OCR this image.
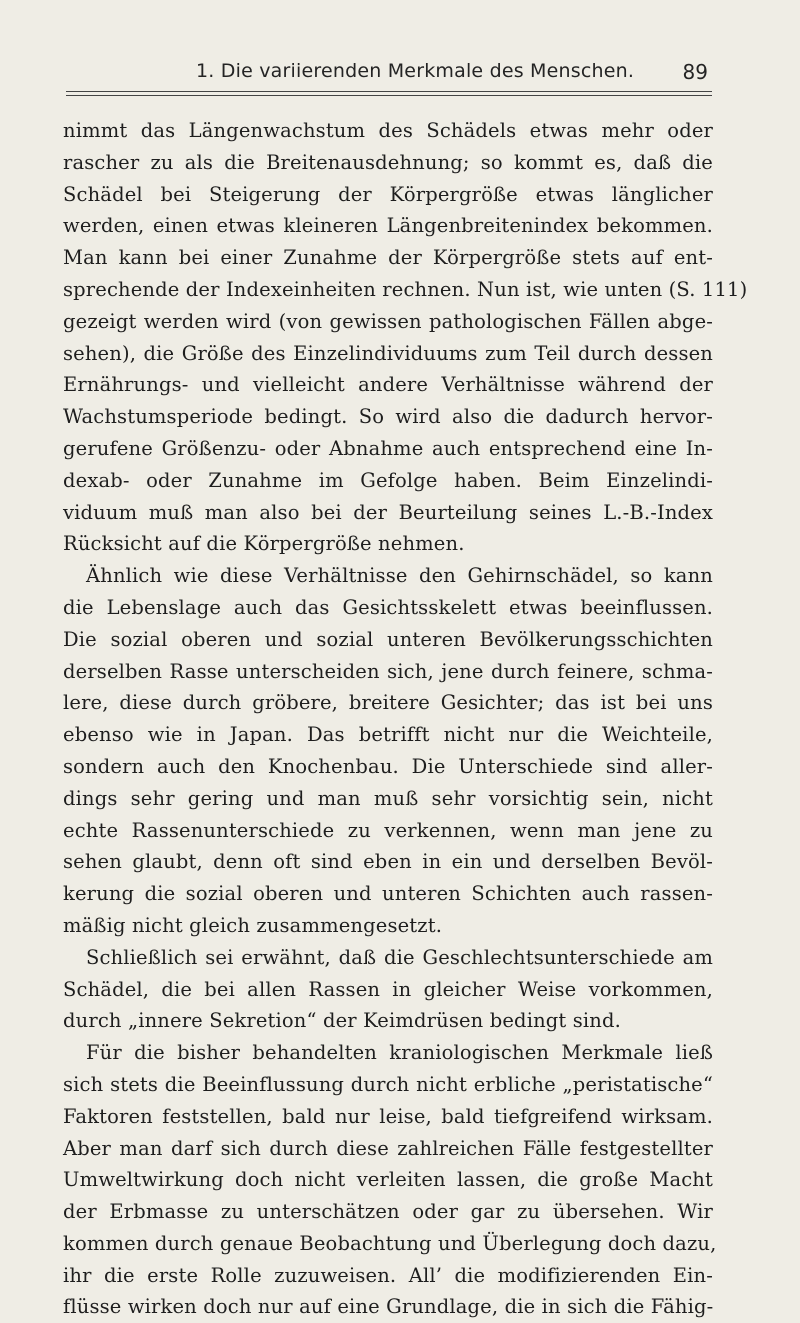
1. Die variierenden Merkmale des Menschen. 89
nimmt das Längenwachstum des Schädels etwas mehr oder
rascher zu als die Breitenausdehnung; so kommt es, daß die
Schädel bei Steigerung der Körpergröße etwas länglicher
werden, einen etwas kleineren Längenbreitenindex bekommen.
Man kann bei einer Zunahme der Körpergröße stets auf ent-
sprechende der Indexeinheiten rechnen. Nun ist, wie unten (S. 111)
gezeigt werden wird (von gewissen pathologischen Fällen abge-
sehen), die Größe des Einzelindividuums zum Teil durch dessen
Ernährungs- und vielleicht andere Verhältnisse während der
Wachstumsperiode bedingt. So wird also die dadurch hervor-
gerufene Größenzu- oder Abnahme auch entsprechend eine In-
dexab- oder Zunahme im Gefolge haben. Beim Einzelindi-
viduum muß man also bei der Beurteilung seines L.-B.-Index
Rücksicht auf die Körpergröße nehmen.
Ähnlich wie diese Verhältnisse den Gehirnschädel, so kann
die Lebenslage auch das Gesichtsskelett etwas beeinflussen.
Die sozial oberen und sozial unteren Bevölkerungsschichten
derselben Rasse unterscheiden sich, jene durch feinere, schma-
lere, diese durch gröbere, breitere Gesichter; das ist bei uns
ebenso wie in Japan. Das betrifft nicht nur die Weichteile,
sondern auch den Knochenbau. Die Unterschiede sind aller-
dings sehr gering und man muß sehr vorsichtig sein, nicht
echte Rassenunterschiede zu verkennen, wenn man jene zu
sehen glaubt, denn oft sind eben in ein und derselben Bevöl-
kerung die sozial oberen und unteren Schichten auch rassen-
mäßig nicht gleich zusammengesetzt.
Schließlich sei erwähnt, daß die Geschlechtsunterschiede am
Schädel, die bei allen Rassen in gleicher Weise vorkommen,
durch „innere Sekretion“ der Keimdrüsen bedingt sind.
Für die bisher behandelten kraniologischen Merkmale ließ
sich stets die Beeinflussung durch nicht erbliche „peristatische“
Faktoren feststellen, bald nur leise, bald tiefgreifend wirksam.
Aber man darf sich durch diese zahlreichen Fälle festgestellter
Umweltwirkung doch nicht verleiten lassen, die große Macht
der Erbmasse zu unterschätzen oder gar zu übersehen. Wir
kommen durch genaue Beobachtung und Überlegung doch dazu,
ihr die erste Rolle zuzuweisen. All’ die modifizierenden Ein-
flüsse wirken doch nur auf eine Grundlage, die in sich die Fähig-
